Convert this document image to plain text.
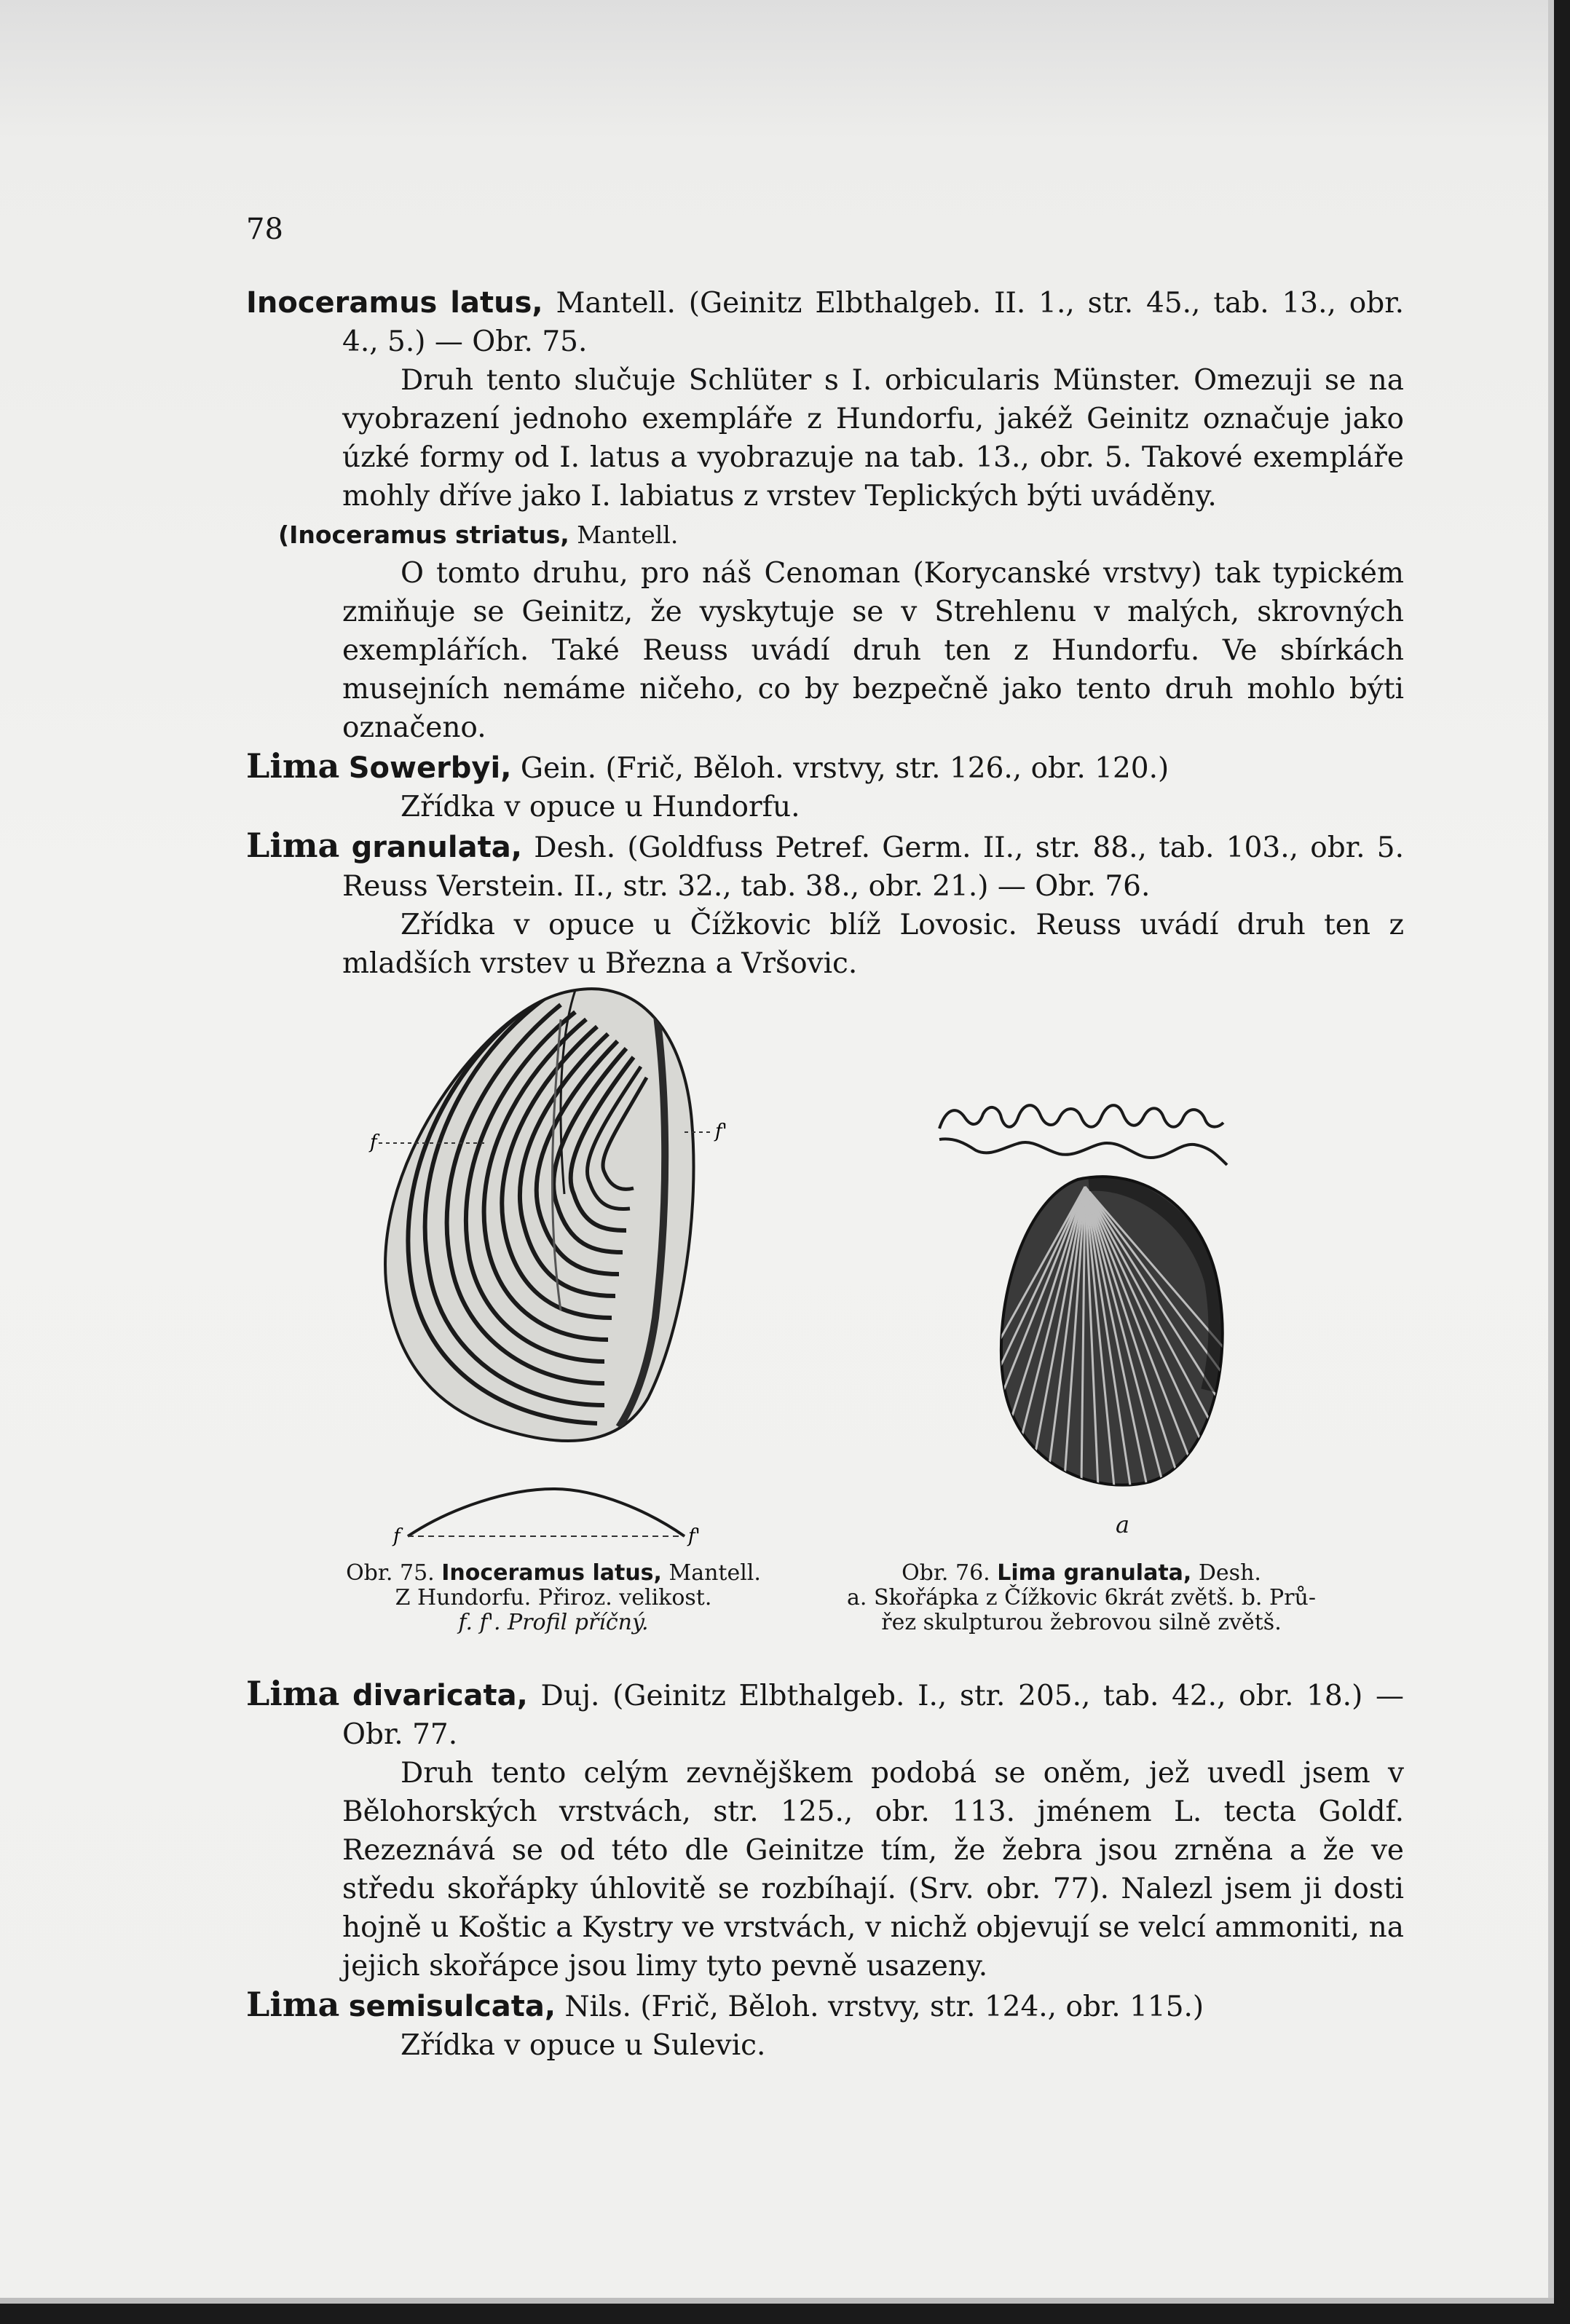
78

Inoceramus latus, Mantell. (Geinitz Elbthalgeb. II. 1., str. 45., tab. 13., obr. 4., 5.) — Obr. 75.

Druh tento slučuje Schlüter s I. orbicularis Münster. Omezuji se na vyobrazení jednoho exempláře z Hundorfu, jakéž Geinitz označuje jako úzké formy od I. latus a vyobrazuje na tab. 13., obr. 5. Takové exempláře mohly dříve jako I. labiatus z vrstev Teplických býti uváděny.

(Inoceramus striatus, Mantell.

O tomto druhu, pro náš Cenoman (Korycanské vrstvy) tak typickém zmiňuje se Geinitz, že vyskytuje se v Strehlenu v malých, skrovných exemplářích. Také Reuss uvádí druh ten z Hundorfu. Ve sbírkách musejních nemáme ničeho, co by bezpečně jako tento druh mohlo býti označeno.

Lima Sowerbyi, Gein. (Frič, Běloh. vrstvy, str. 126., obr. 120.)

Zřídka v opuce u Hundorfu.

Lima granulata, Desh. (Goldfuss Petref. Germ. II., str. 88., tab. 103., obr. 5. Reuss Verstein. II., str. 32., tab. 38., obr. 21.) — Obr. 76.

Zřídka v opuce u Čížkovic blíž Lovosic. Reuss uvádí druh ten z mladších vrstev u Března a Vršovic.

f	f'
f	f'	a
Obr. 75. Inoceramus latus, Mantell.
Z Hundorfu. Přiroz. velikost.
f. f'. Profil příčný.
Obr. 76. Lima granulata, Desh.
a. Skořápka z Čížkovic 6krát zvětš. b. Prů-
řez skulpturou žebrovou silně zvětš.

Lima divaricata, Duj. (Geinitz Elbthalgeb. I., str. 205., tab. 42., obr. 18.) — Obr. 77.

Druh tento celým zevnějškem podobá se oněm, jež uvedl jsem v Bělohorských vrstvách, str. 125., obr. 113. jménem L. tecta Goldf. Rezeznává se od této dle Geinitze tím, že žebra jsou zrněna a že ve středu skořápky úhlovitě se rozbíhají. (Srv. obr. 77). Nalezl jsem ji dosti hojně u Koštic a Kystry ve vrstvách, v nichž objevují se velcí ammoniti, na jejich skořápce jsou limy tyto pevně usazeny.

Lima semisulcata, Nils. (Frič, Běloh. vrstvy, str. 124., obr. 115.)

Zřídka v opuce u Sulevic.
